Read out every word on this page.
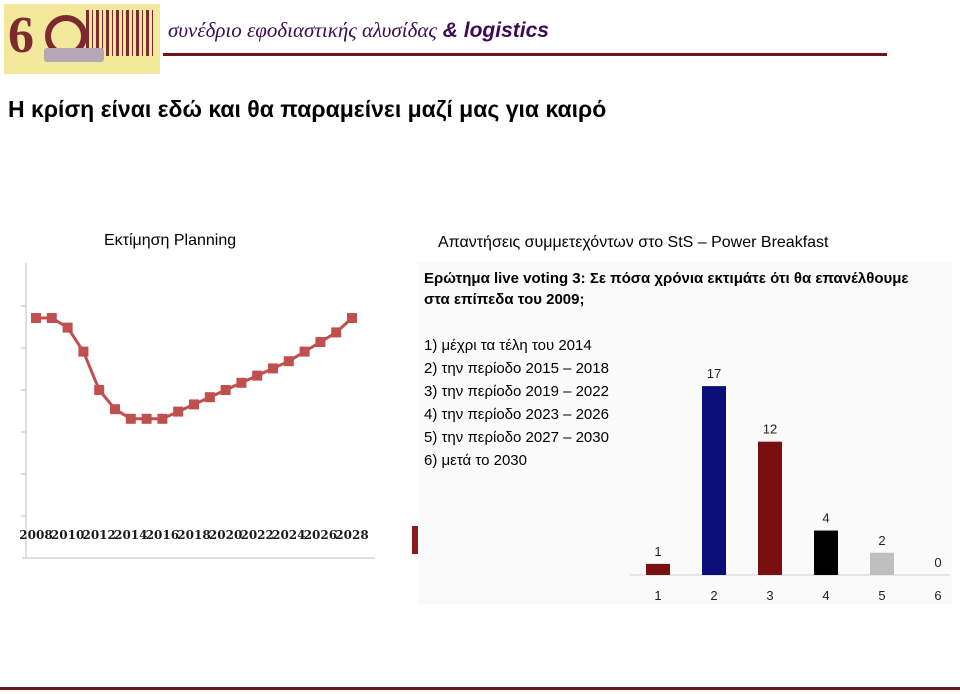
6	συνέδριο εφοδιαστικής αλυσίδας & logistics
Η κρίση είναι εδώ και θα παραμείνει μαζί μας για καιρό
Εκτίμηση Planning	Απαντήσεις συμμετεχόντων στο StS – Power Breakfast
2008
2010
2012
2014
2016
2018
2020
2022
2024
2026
2028
Ερώτημα live voting 3: Σε πόσα χρόνια εκτιμάτε ότι θα επανέλθουμε στα επίπεδα του 2009;
1) μέχρι τα τέλη του 2014
2) την περίοδο 2015 – 2018
3) την περίοδο 2019 – 2022
4) την περίοδο 2023 – 2026
5) την περίοδο 2027 – 2030
6) μετά το 2030
1
1
17
2
12
3
4
4
2
5
0
6
